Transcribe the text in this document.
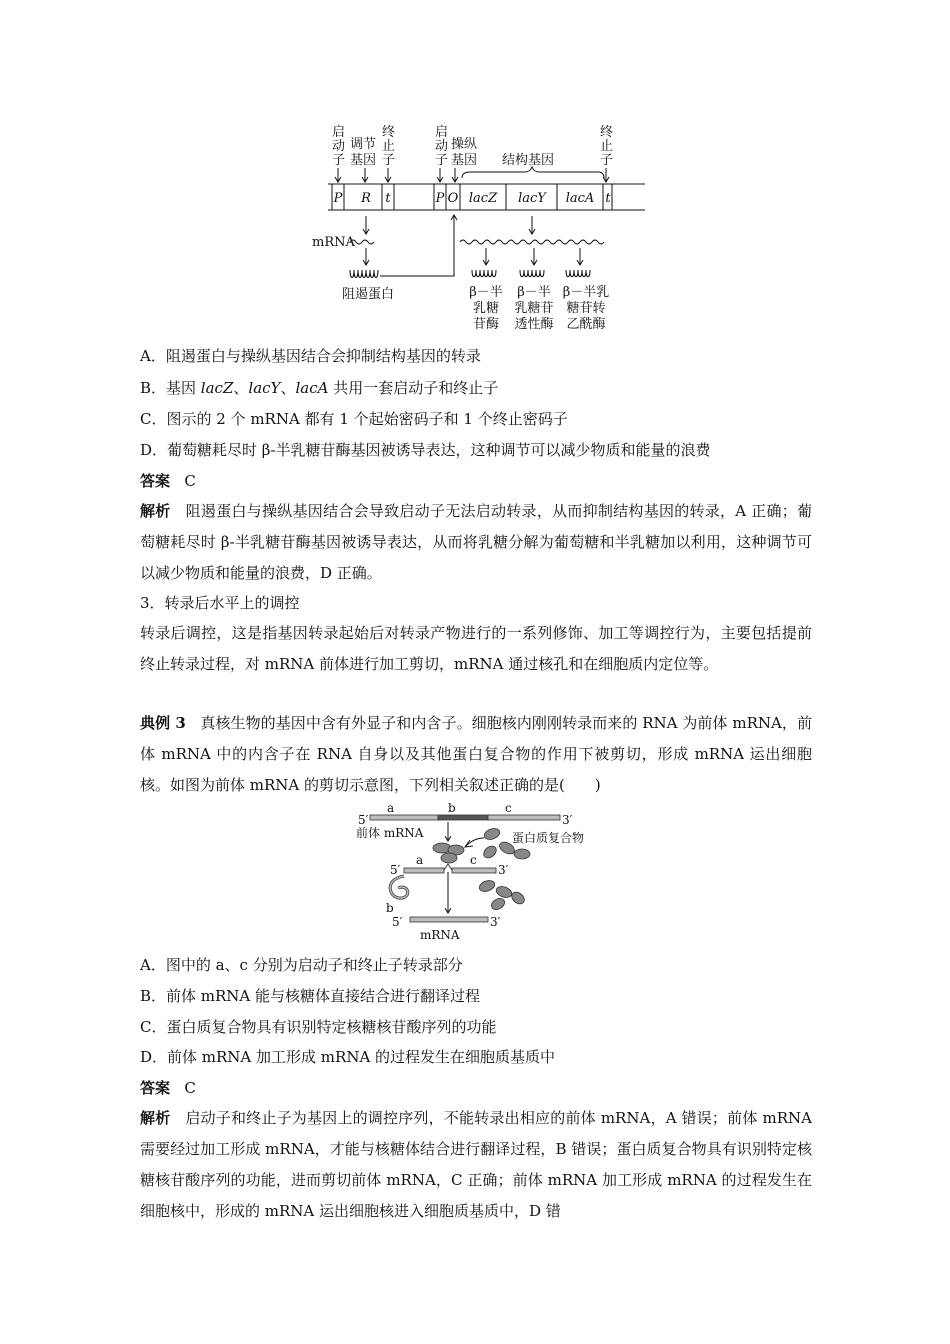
启
动
子
调节
基因
终
止
子
启
动
子
操纵
基因 结构基因
终
止
子
P R t	P O lacZ lacY lacA t
mRNA
阻遏蛋白	β－半
乳糖
苷酶
β－半
乳糖苷
透性酶
β－半乳
糖苷转
乙酰酶
A．阻遏蛋白与操纵基因结合会抑制结构基因的转录
B．基因 lacZ、lacY、lacA 共用一套启动子和终止子
C．图示的 2 个 mRNA 都有 1 个起始密码子和 1 个终止密码子
D．葡萄糖耗尽时 β-半乳糖苷酶基因被诱导表达，这种调节可以减少物质和能量的浪费
答案 C
解析 阻遏蛋白与操纵基因结合会导致启动子无法启动转录，从而抑制结构基因的转录，A 正确；葡萄糖耗尽时 β-半乳糖苷酶基因被诱导表达，从而将乳糖分解为葡萄糖和半乳糖加以利用，这种调节可以减少物质和能量的浪费，D 正确。
3．转录后水平上的调控
转录后调控，这是指基因转录起始后对转录产物进行的一系列修饰、加工等调控行为，主要包括提前终止转录过程，对 mRNA 前体进行加工剪切，mRNA 通过核孔和在细胞质内定位等。
典例 3 真核生物的基因中含有外显子和内含子。细胞核内刚刚转录而来的 RNA 为前体 mRNA，前体 mRNA 中的内含子在 RNA 自身以及其他蛋白复合物的作用下被剪切，形成 mRNA 运出细胞核。如图为前体 mRNA 的剪切示意图，下列相关叙述正确的是(　　)
a	b	c
5′	3′
前体 mRNA	蛋白质复合物
5′
a	c
3′
b
5′	3′
mRNA
A．图中的 a、c 分别为启动子和终止子转录部分
B．前体 mRNA 能与核糖体直接结合进行翻译过程
C．蛋白质复合物具有识别特定核糖核苷酸序列的功能
D．前体 mRNA 加工形成 mRNA 的过程发生在细胞质基质中
答案 C
解析 启动子和终止子为基因上的调控序列，不能转录出相应的前体 mRNA，A 错误；前体 mRNA 需要经过加工形成 mRNA，才能与核糖体结合进行翻译过程，B 错误；蛋白质复合物具有识别特定核糖核苷酸序列的功能，进而剪切前体 mRNA，C 正确；前体 mRNA 加工形成 mRNA 的过程发生在细胞核中，形成的 mRNA 运出细胞核进入细胞质基质中，D 错
